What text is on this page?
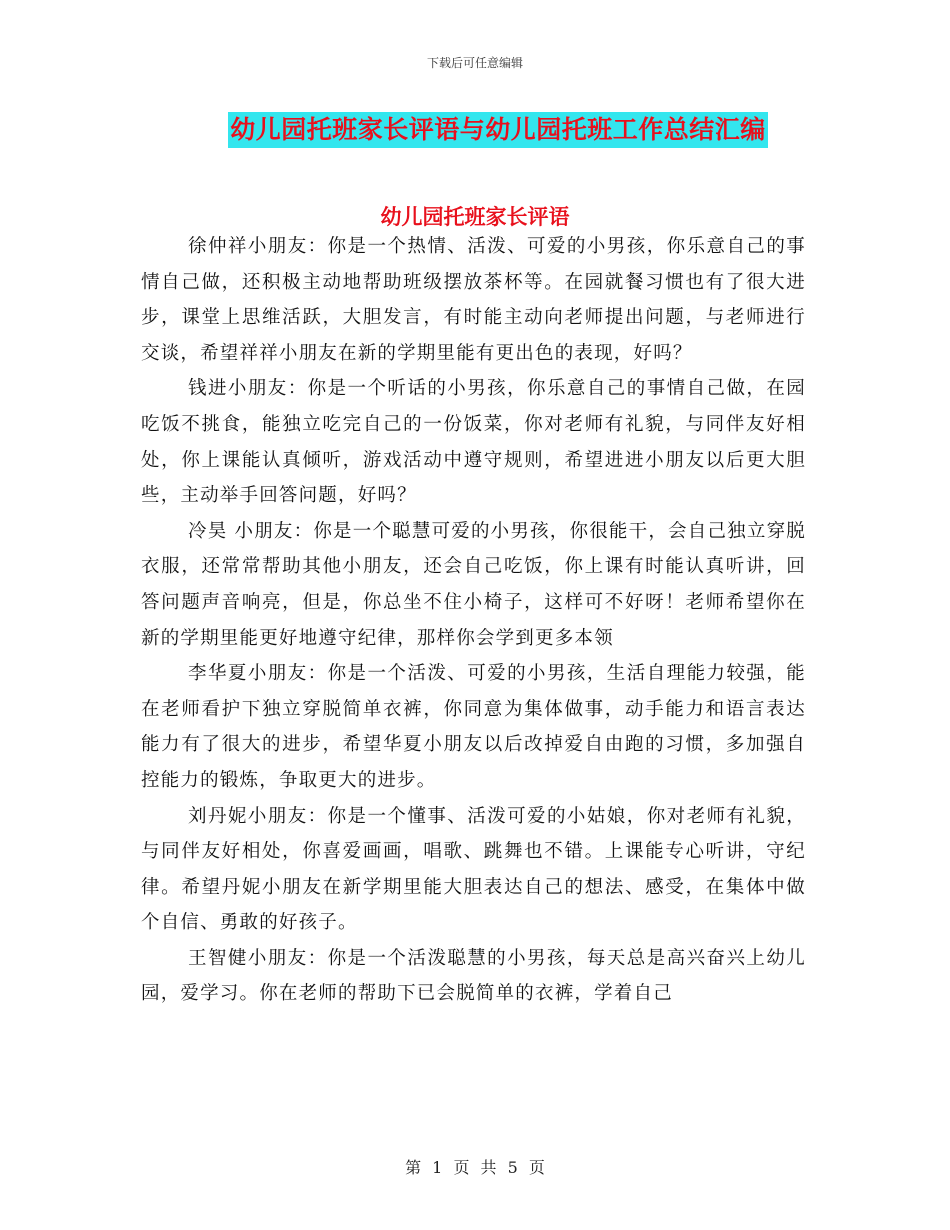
下载后可任意编辑
幼儿园托班家长评语与幼儿园托班工作总结汇编
幼儿园托班家长评语

徐仲祥小朋友：你是一个热情、活泼、可爱的小男孩，你乐意自己的事情自己做，还积极主动地帮助班级摆放茶杯等。在园就餐习惯也有了很大进步，课堂上思维活跃，大胆发言，有时能主动向老师提出问题，与老师进行交谈，希望祥祥小朋友在新的学期里能有更出色的表现，好吗？

钱进小朋友：你是一个听话的小男孩，你乐意自己的事情自己做，在园吃饭不挑食，能独立吃完自己的一份饭菜，你对老师有礼貌，与同伴友好相处，你上课能认真倾听，游戏活动中遵守规则，希望进进小朋友以后更大胆些，主动举手回答问题，好吗？

冷昊 小朋友：你是一个聪慧可爱的小男孩，你很能干，会自己独立穿脱衣服，还常常帮助其他小朋友，还会自己吃饭，你上课有时能认真听讲，回答问题声音响亮，但是，你总坐不住小椅子，这样可不好呀！老师希望你在新的学期里能更好地遵守纪律，那样你会学到更多本领

李华夏小朋友：你是一个活泼、可爱的小男孩，生活自理能力较强，能在老师看护下独立穿脱简单衣裤，你同意为集体做事，动手能力和语言表达能力有了很大的进步，希望华夏小朋友以后改掉爱自由跑的习惯，多加强自控能力的锻炼，争取更大的进步。

刘丹妮小朋友：你是一个懂事、活泼可爱的小姑娘，你对老师有礼貌，与同伴友好相处，你喜爱画画，唱歌、跳舞也不错。上课能专心听讲，守纪律。希望丹妮小朋友在新学期里能大胆表达自己的想法、感受，在集体中做个自信、勇敢的好孩子。

王智健小朋友：你是一个活泼聪慧的小男孩，每天总是高兴奋兴上幼儿园，爱学习。你在老师的帮助下已会脱简单的衣裤，学着自己

第 1 页 共 5 页
